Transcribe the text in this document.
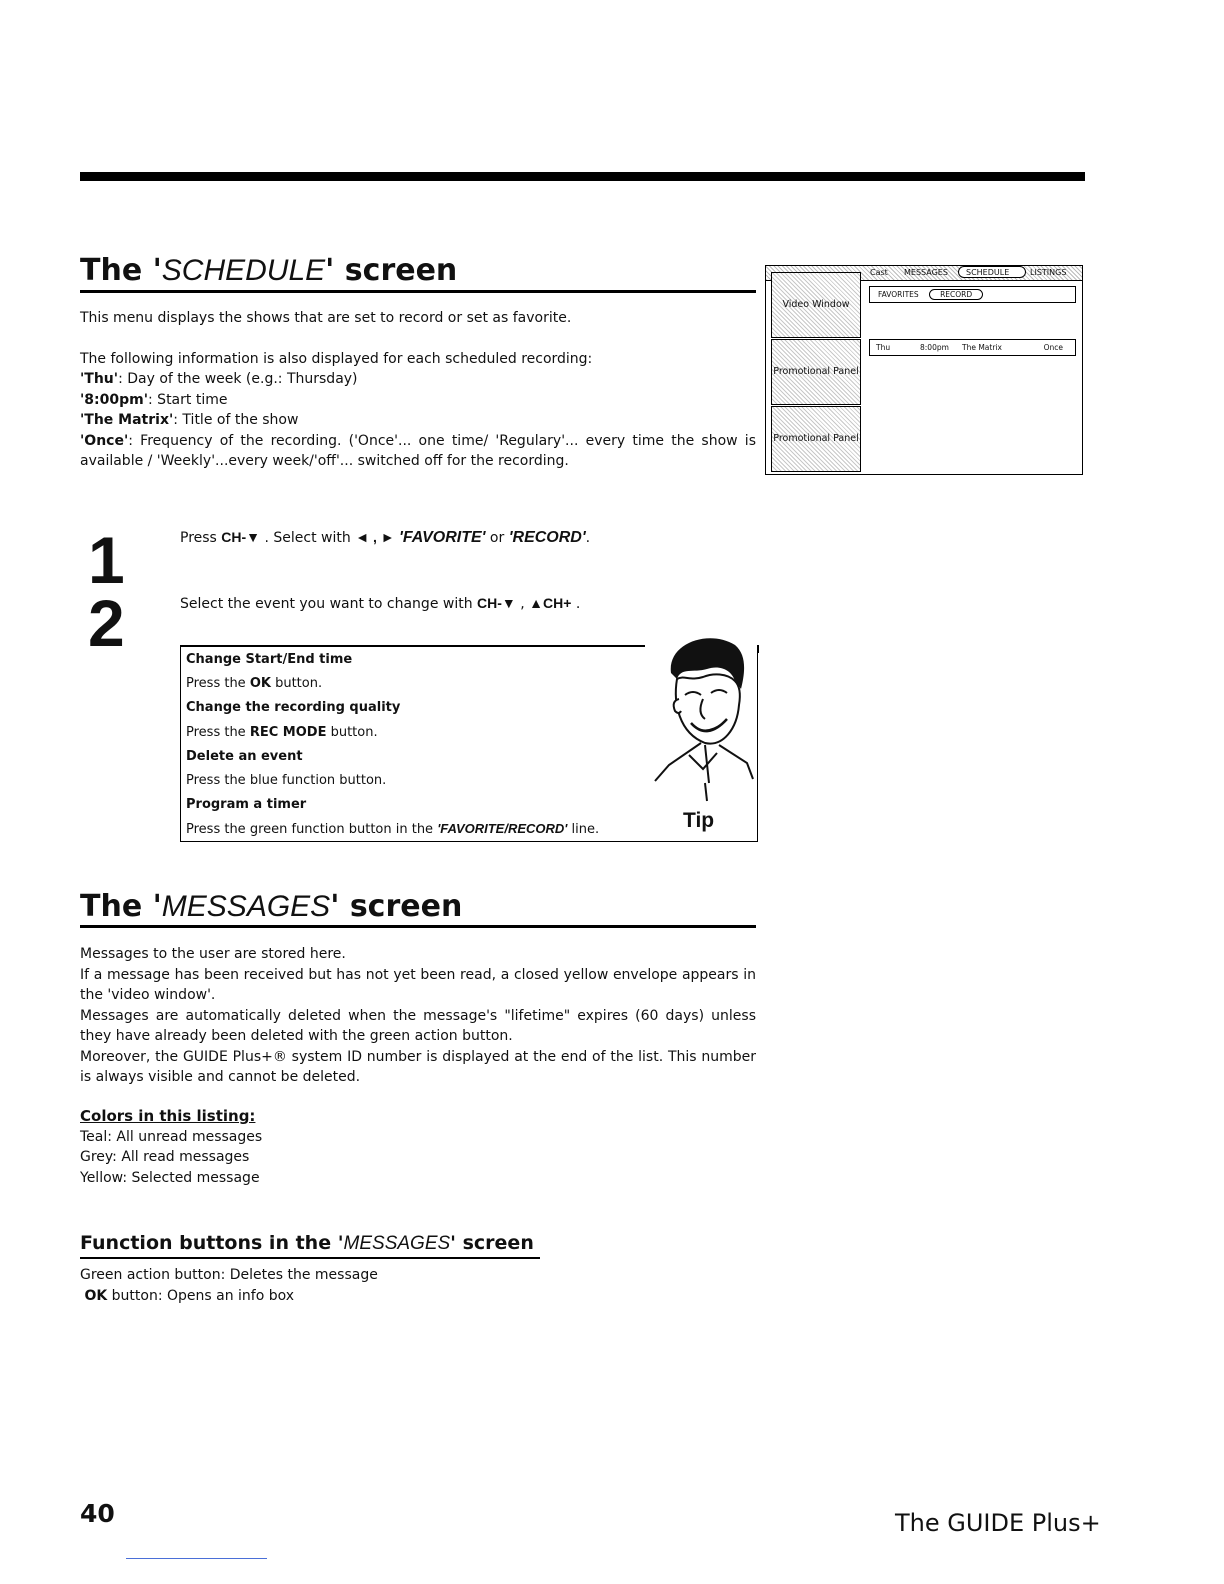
The 'SCHEDULE' screen

This menu displays the shows that are set to record or set as favorite.

The following information is also displayed for each scheduled recording:

'Thu': Day of the week (e.g.: Thursday)

'8:00pm': Start time

'The Matrix': Title of the show

'Once': Frequency of the recording. ('Once'... one time/ 'Regulary'... every time the show is available / 'Weekly'...every week/'off'... switched off for the recording.

Cast MESSAGES SCHEDULE	LISTINGS
Video Window
Promotional Panel
Promotional Panel
FAVORITES	RECORD
Thu	8:00pm The Matrix	Once
1	Press CH-▼ . Select with ◄ , ► 'FAVORITE' or 'RECORD'.
2	Select the event you want to change with CH-▼ , ▲CH+ .
Change Start/End time
Press the OK button.
Change the recording quality
Press the REC MODE button.
Delete an event
Press the blue function button.
Program a timer
Press the green function button in the 'FAVORITE/RECORD' line.	Tip
The 'MESSAGES' screen

Messages to the user are stored here.

If a message has been received but has not yet been read, a closed yellow envelope appears in the 'video window'.

Messages are automatically deleted when the message's "lifetime" expires (60 days) unless they have already been deleted with the green action button.

Moreover, the GUIDE Plus+® system ID number is displayed at the end of the list. This number is always visible and cannot be deleted.

Colors in this listing:

Teal: All unread messages

Grey: All read messages

Yellow: Selected message

Function buttons in the 'MESSAGES' screen

Green action button: Deletes the message

OK button: Opens an info box

40	The GUIDE Plus+
